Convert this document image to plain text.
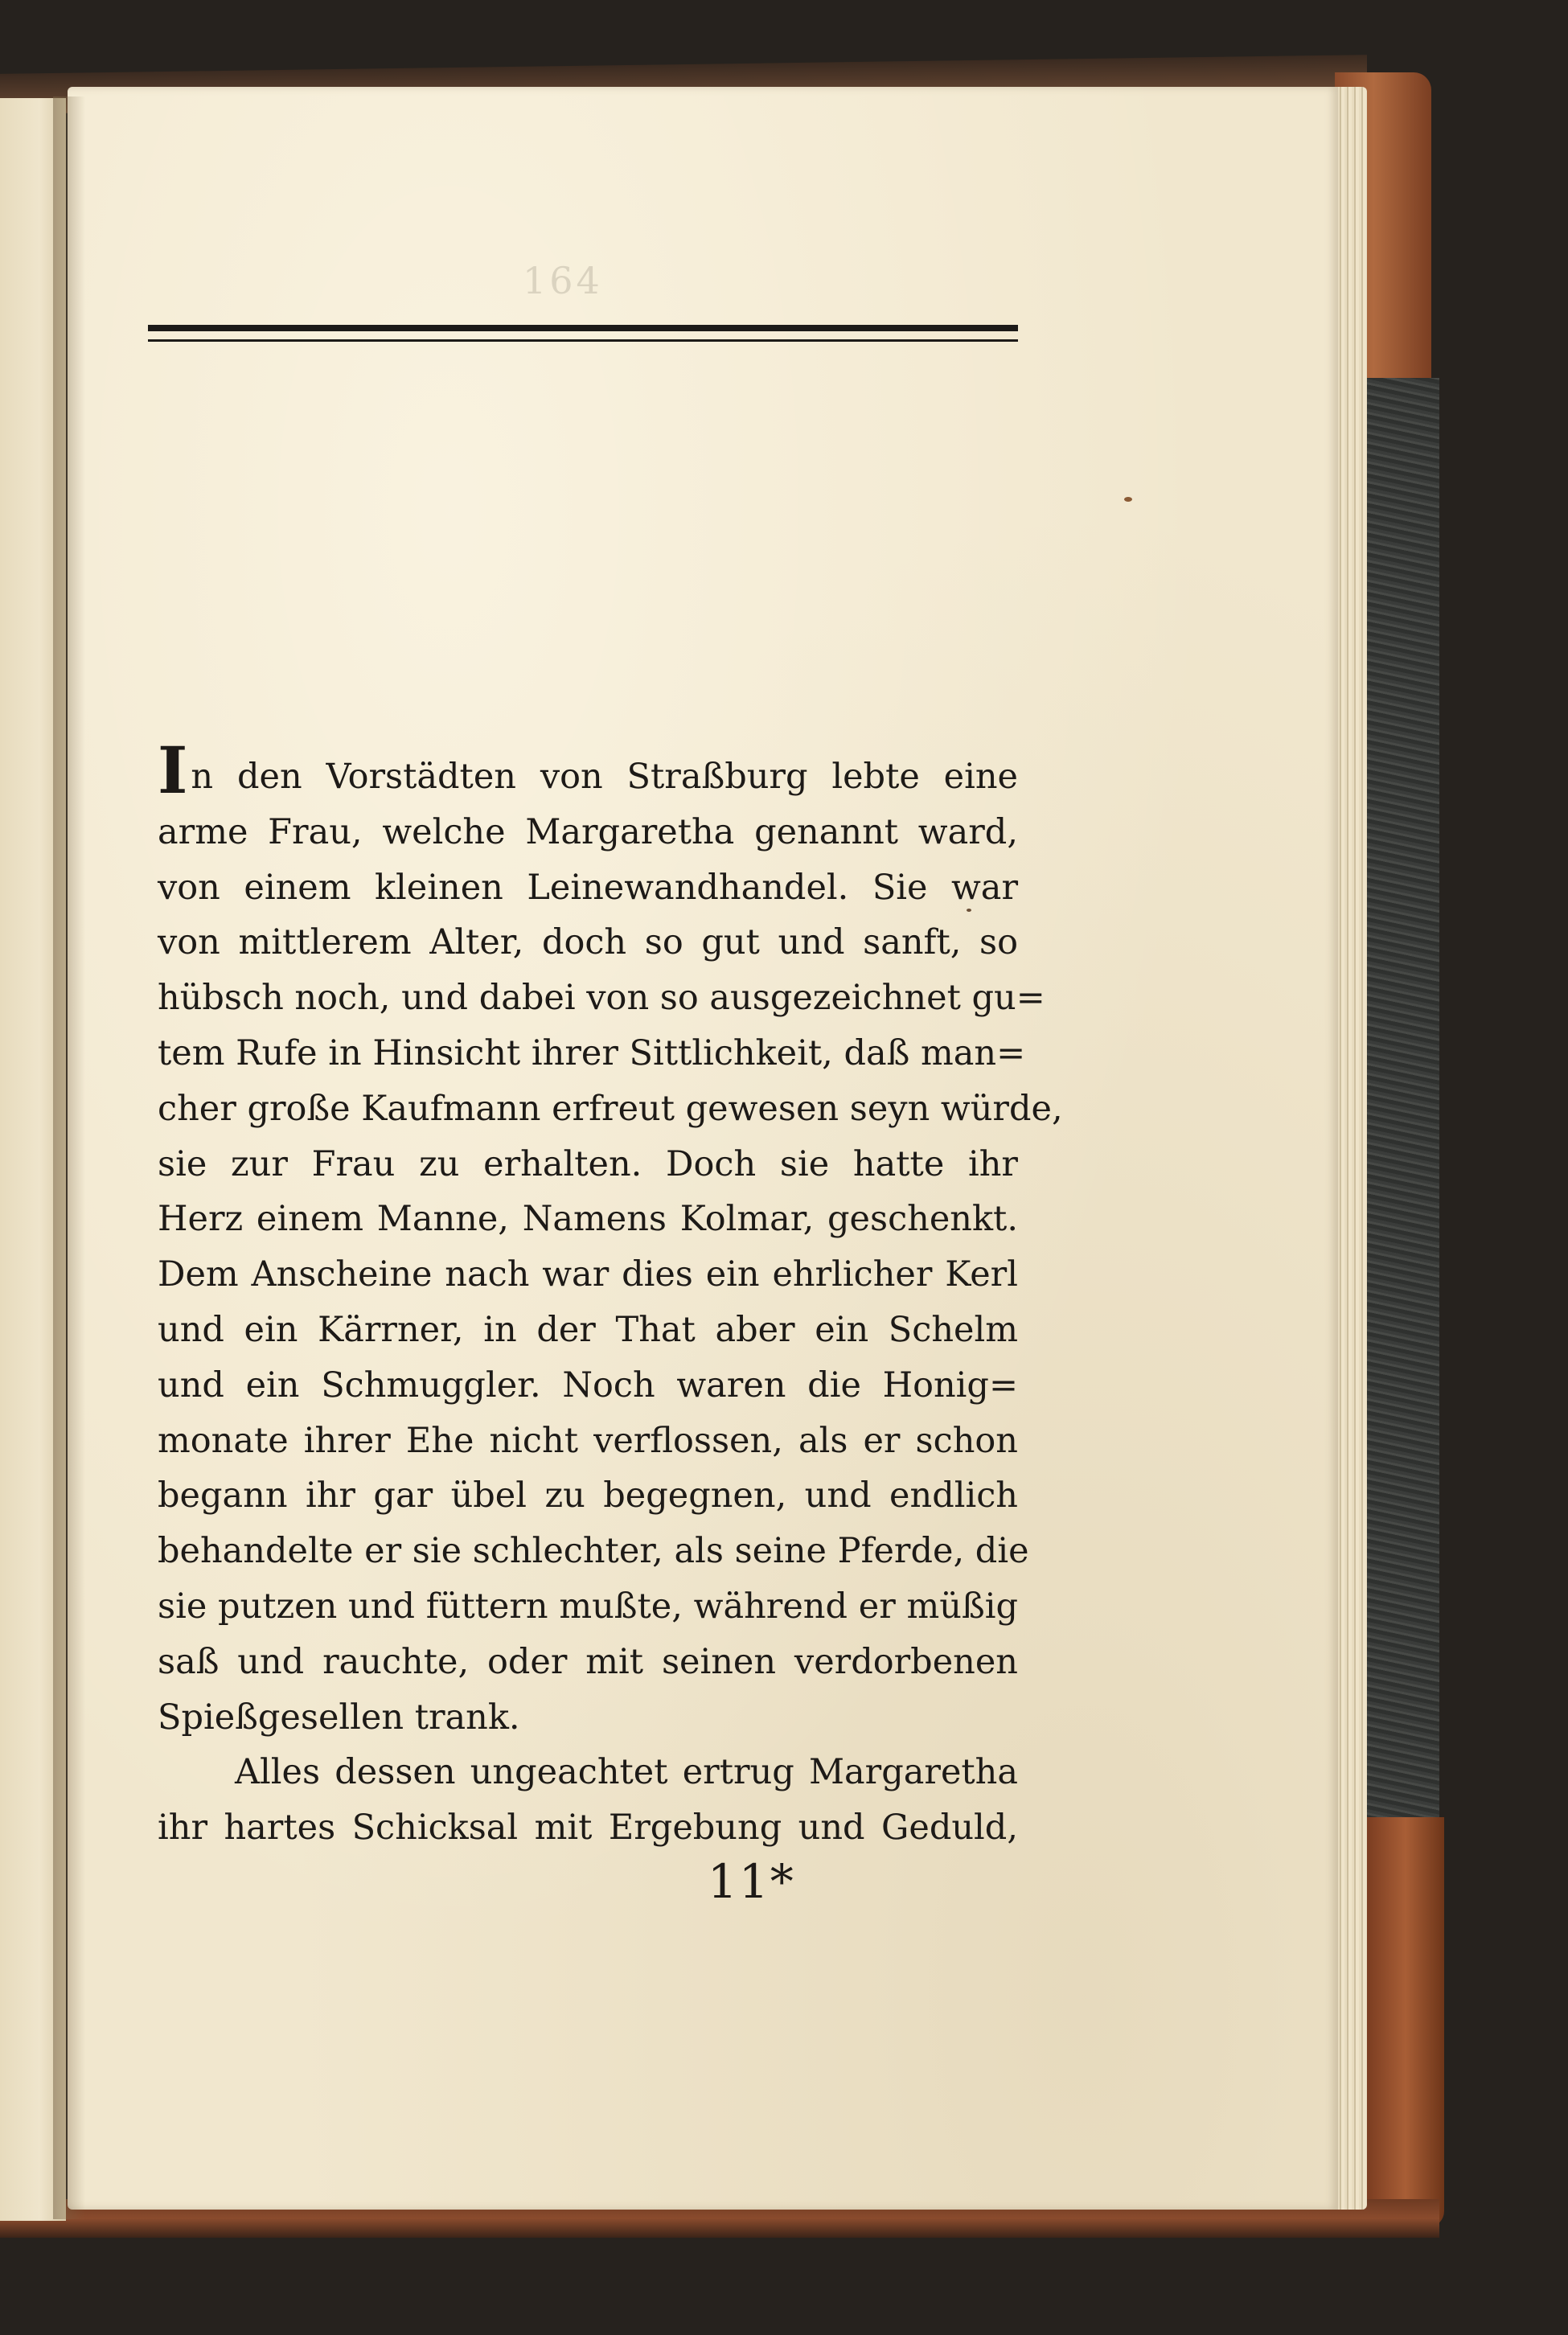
164

In den Vorstädten von Straßburg lebte eine
arme Frau, welche Margaretha genannt ward,
von einem kleinen Leinewandhandel. Sie war
von mittlerem Alter, doch so gut und sanft, so
hübsch noch, und dabei von so ausgezeichnet gu=
tem Rufe in Hinsicht ihrer Sittlichkeit, daß man=
cher große Kaufmann erfreut gewesen seyn würde,
sie zur Frau zu erhalten. Doch sie hatte ihr
Herz einem Manne, Namens Kolmar, geschenkt.
Dem Anscheine nach war dies ein ehrlicher Kerl
und ein Kärrner, in der That aber ein Schelm
und ein Schmuggler. Noch waren die Honig=
monate ihrer Ehe nicht verflossen, als er schon
begann ihr gar übel zu begegnen, und endlich
behandelte er sie schlechter, als seine Pferde, die
sie putzen und füttern mußte, während er müßig
saß und rauchte, oder mit seinen verdorbenen
Spießgesellen trank.
Alles dessen ungeachtet ertrug Margaretha
ihr hartes Schicksal mit Ergebung und Geduld,
11*
